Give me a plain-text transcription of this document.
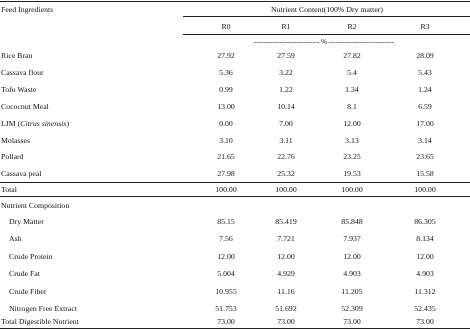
Feed Ingredients	Nutrient Content(100% Dry matter)
R0	R1	R2	R3
---------------------------- % ----------------------------
Rice Bran	27.92	27.59	27.82	28.09
Cassava flour	5.36	3.22	5.4	5.43
Tofu Waste	0.99	1.22	1.34	1.24
Cococnut Meal	13.00	10.14	8.1	6.59
LJM (Citrus sinensis)	0.00	7.00	12.00	17.00
Molasses	3.10	3.11	3.13	3.14
Pollard	21.65	22.76	23.25	23.65
Cassava peal	27.98	25.32	19.53	15.58
Total	100.00	100.00	100.00	100.00
Nutrient Composition
Dry Matter	85.15	85.419	85.848	86.305
Ash	7.56	7.721	7.937	8.134
Crude Protein	12.00	12.00	12.00	12.00
Crude Fat	5.004	4.929	4.903	4.903
Crude Fiber	10.955	11.16	11.205	11.312
Nitrogen Free Extract	51.753	51.692	52.309	52.435
Total Digestible Nutrient	73.00	73.00	73.00	73.00
